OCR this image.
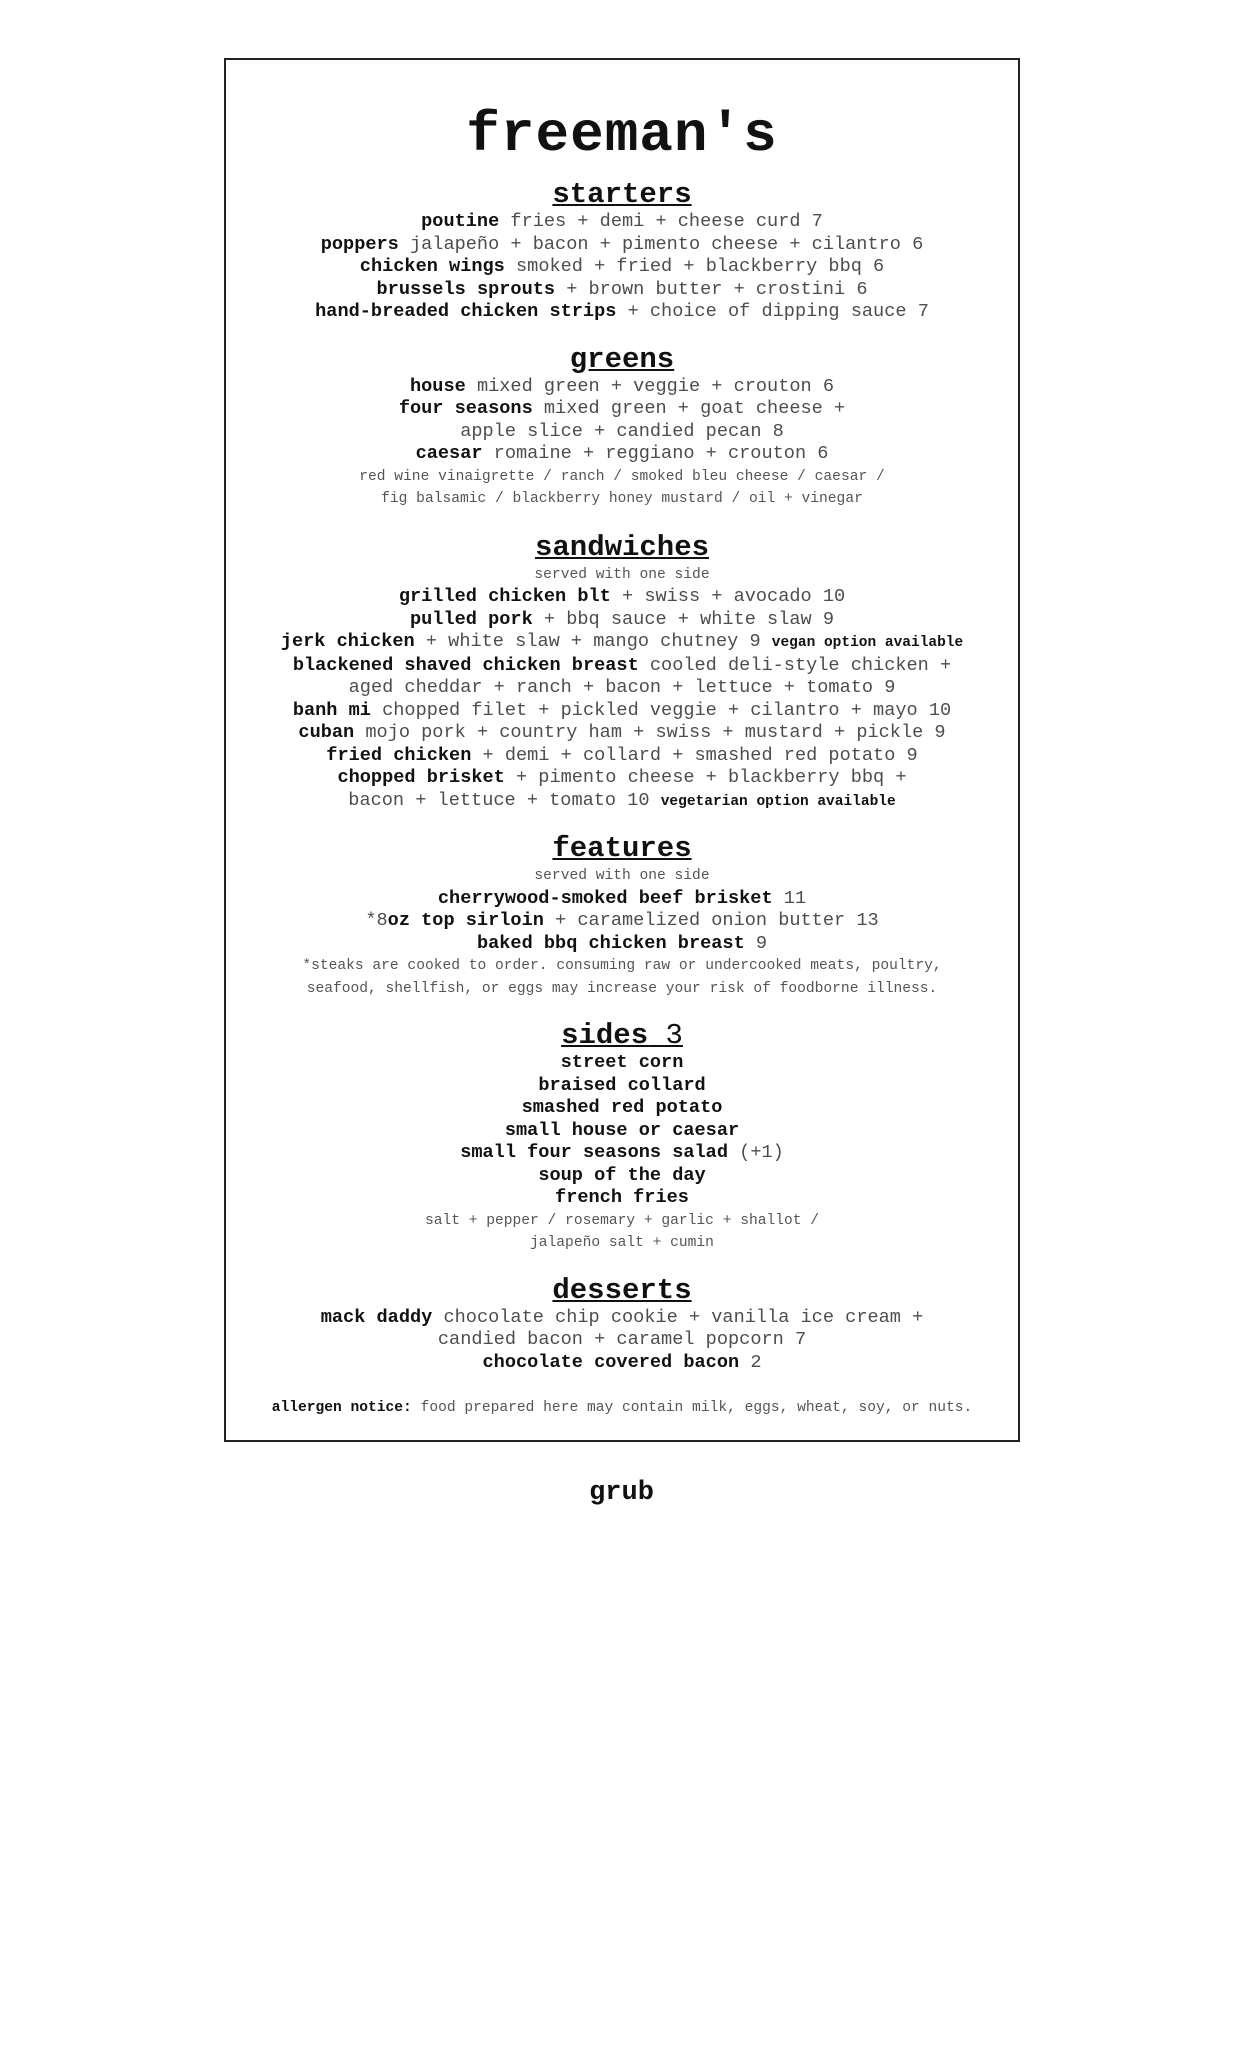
freeman's
starters
poutine fries + demi + cheese curd 7
poppers jalapeño + bacon + pimento cheese + cilantro 6
chicken wings smoked + fried + blackberry bbq 6
brussels sprouts + brown butter + crostini 6
hand-breaded chicken strips + choice of dipping sauce 7
greens
house mixed green + veggie + crouton 6
four seasons mixed green + goat cheese +
apple slice + candied pecan 8
caesar romaine + reggiano + crouton 6
red wine vinaigrette / ranch / smoked bleu cheese / caesar /
fig balsamic / blackberry honey mustard / oil + vinegar
sandwiches
served with one side
grilled chicken blt + swiss + avocado 10
pulled pork + bbq sauce + white slaw 9
jerk chicken + white slaw + mango chutney 9 vegan option available
blackened shaved chicken breast cooled deli-style chicken +
aged cheddar + ranch + bacon + lettuce + tomato 9
banh mi chopped filet + pickled veggie + cilantro + mayo 10
cuban mojo pork + country ham + swiss + mustard + pickle 9
fried chicken + demi + collard + smashed red potato 9
chopped brisket + pimento cheese + blackberry bbq +
bacon + lettuce + tomato 10 vegetarian option available
features
served with one side
cherrywood-smoked beef brisket 11
*8oz top sirloin + caramelized onion butter 13
baked bbq chicken breast 9
*steaks are cooked to order. consuming raw or undercooked meats, poultry,
seafood, shellfish, or eggs may increase your risk of foodborne illness.
sides 3
street corn
braised collard
smashed red potato
small house or caesar
small four seasons salad (+1)
soup of the day
french fries
salt + pepper / rosemary + garlic + shallot /
jalapeño salt + cumin
desserts
mack daddy chocolate chip cookie + vanilla ice cream +
candied bacon + caramel popcorn 7
chocolate covered bacon 2
allergen notice: food prepared here may contain milk, eggs, wheat, soy, or nuts.
grub
